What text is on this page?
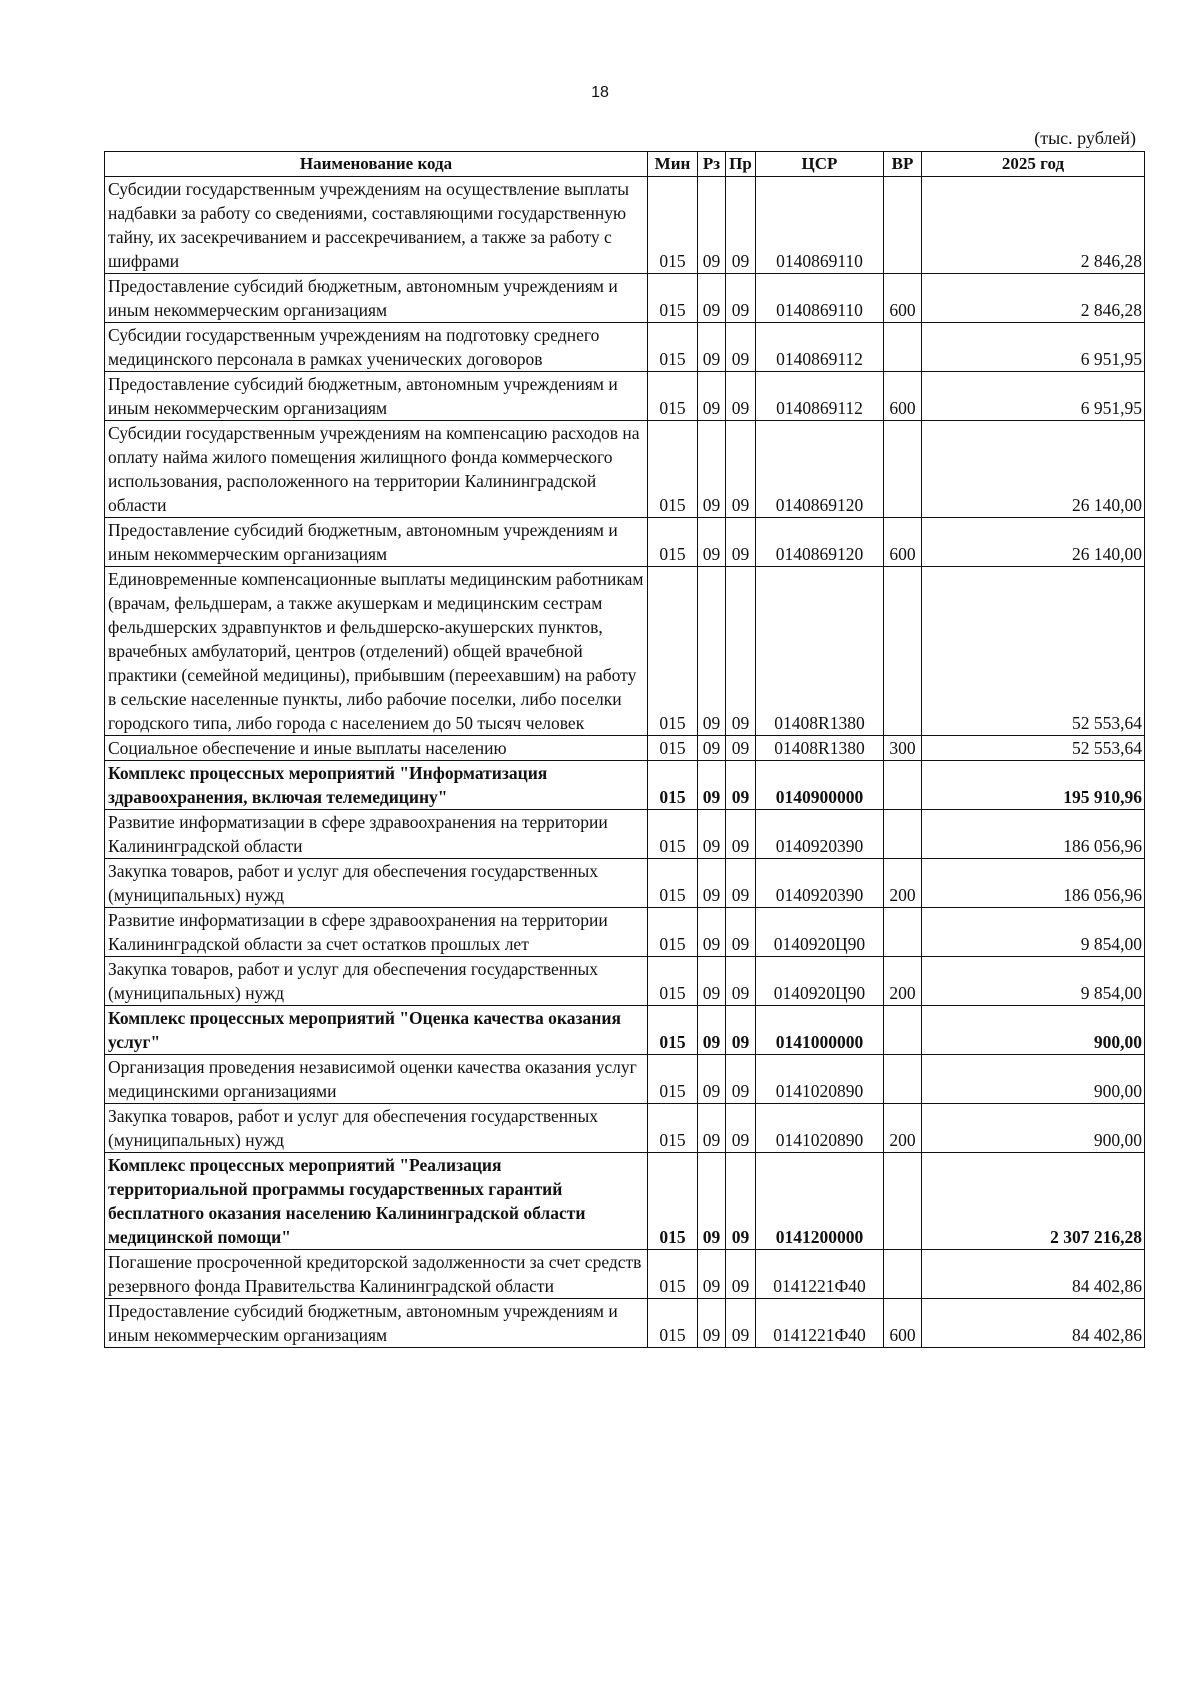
18
(тыс. рублей)
Наименование кода	Мин	Рз	Пр	ЦСР	ВР	2025 год
Субсидии государственным учреждениям на осуществление выплаты надбавки за работу со сведениями, составляющими государственную тайну, их засекречиванием и рассекречиванием, а также за работу с шифрами	015	09	09	0140869110		2 846,28
Предоставление субсидий бюджетным, автономным учреждениям и иным некоммерческим организациям	015	09	09	0140869110	600	2 846,28
Субсидии государственным учреждениям на подготовку среднего медицинского персонала в рамках ученических договоров	015	09	09	0140869112		6 951,95
Предоставление субсидий бюджетным, автономным учреждениям и иным некоммерческим организациям	015	09	09	0140869112	600	6 951,95
Субсидии государственным учреждениям на компенсацию расходов на оплату найма жилого помещения жилищного фонда коммерческого использования, расположенного на территории Калининградской области	015	09	09	0140869120		26 140,00
Предоставление субсидий бюджетным, автономным учреждениям и иным некоммерческим организациям	015	09	09	0140869120	600	26 140,00
Единовременные компенсационные выплаты медицинским работникам (врачам, фельдшерам, а также акушеркам и медицинским сестрам фельдшерских здравпунктов и фельдшерско-акушерских пунктов, врачебных амбулаторий, центров (отделений) общей врачебной практики (семейной медицины), прибывшим (переехавшим) на работу в сельские населенные пункты, либо рабочие поселки, либо поселки городского типа, либо города с населением до 50 тысяч человек	015	09	09	01408R1380		52 553,64
Социальное обеспечение и иные выплаты населению	015	09	09	01408R1380	300	52 553,64
Комплекс процессных мероприятий "Информатизация здравоохранения, включая телемедицину"	015	09	09	0140900000		195 910,96
Развитие информатизации в сфере здравоохранения на территории Калининградской области	015	09	09	0140920390		186 056,96
Закупка товаров, работ и услуг для обеспечения государственных (муниципальных) нужд	015	09	09	0140920390	200	186 056,96
Развитие информатизации в сфере здравоохранения на территории Калининградской области за счет остатков прошлых лет	015	09	09	0140920Ц90		9 854,00
Закупка товаров, работ и услуг для обеспечения государственных (муниципальных) нужд	015	09	09	0140920Ц90	200	9 854,00
Комплекс процессных мероприятий "Оценка качества оказания услуг"	015	09	09	0141000000		900,00
Организация проведения независимой оценки качества оказания услуг медицинскими организациями	015	09	09	0141020890		900,00
Закупка товаров, работ и услуг для обеспечения государственных (муниципальных) нужд	015	09	09	0141020890	200	900,00
Комплекс процессных мероприятий "Реализация территориальной программы государственных гарантий бесплатного оказания населению Калининградской области медицинской помощи"	015	09	09	0141200000		2 307 216,28
Погашение просроченной кредиторской задолженности за счет средств резервного фонда Правительства Калининградской области	015	09	09	0141221Ф40		84 402,86
Предоставление субсидий бюджетным, автономным учреждениям и иным некоммерческим организациям	015	09	09	0141221Ф40	600	84 402,86
